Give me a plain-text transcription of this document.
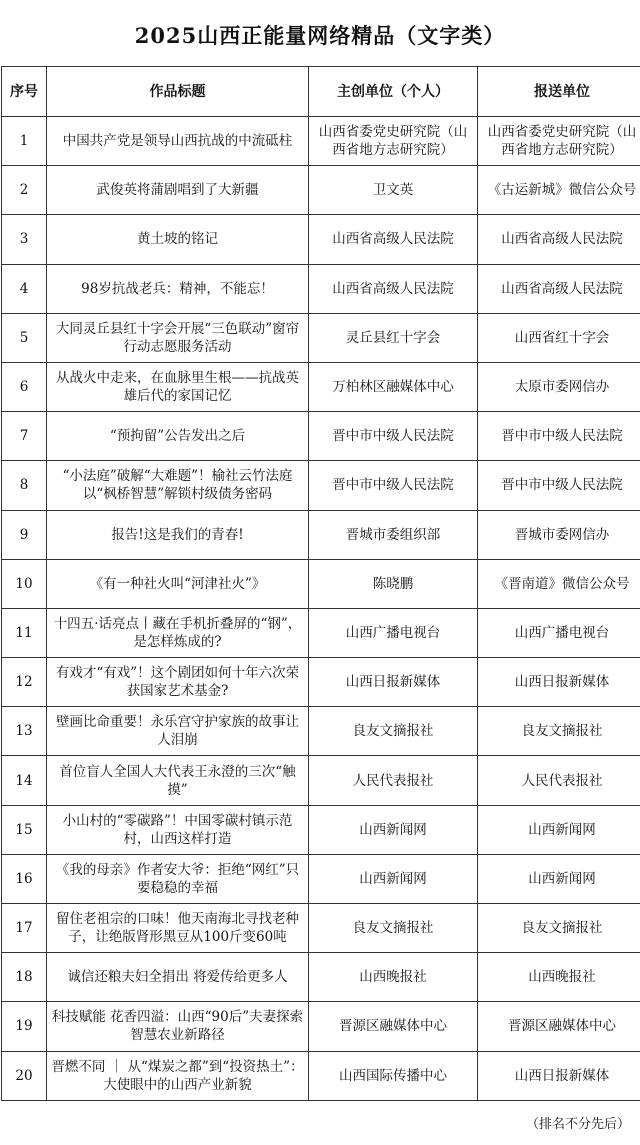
2025山西正能量网络精品（文字类）
序号	作品标题	主创单位（个人）	报送单位
1	中国共产党是领导山西抗战的中流砥柱	山西省委党史研究院（山西省地方志研究院）	山西省委党史研究院（山西省地方志研究院）
2	武俊英将蒲剧唱到了大新疆	卫文英	《古运新城》微信公众号
3	黄土坡的铭记	山西省高级人民法院	山西省高级人民法院
4	98岁抗战老兵：精神，不能忘！	山西省高级人民法院	山西省高级人民法院
5	大同灵丘县红十字会开展“三色联动”窗帘行动志愿服务活动	灵丘县红十字会	山西省红十字会
6	从战火中走来，在血脉里生根——抗战英雄后代的家国记忆	万柏林区融媒体中心	太原市委网信办
7	“预拘留”公告发出之后	晋中市中级人民法院	晋中市中级人民法院
8	“小法庭”破解“大难题”！榆社云竹法庭以“枫桥智慧”解锁村级债务密码	晋中市中级人民法院	晋中市中级人民法院
9	报告!这是我们的青春!	晋城市委组织部	晋城市委网信办
10	《有一种社火叫“河津社火”》	陈晓鹏	《晋南道》微信公众号
11	十四五·话亮点丨藏在手机折叠屏的“钢”，是怎样炼成的?	山西广播电视台	山西广播电视台
12	有戏才“有戏”！这个剧团如何十年六次荣获国家艺术基金?	山西日报新媒体	山西日报新媒体
13	壁画比命重要！永乐宫守护家族的故事让人泪崩	良友文摘报社	良友文摘报社
14	首位盲人全国人大代表王永澄的三次“触摸”	人民代表报社	人民代表报社
15	小山村的“零碳路”！中国零碳村镇示范村，山西这样打造	山西新闻网	山西新闻网
16	《我的母亲》作者安大爷：拒绝“网红”只要稳稳的幸福	山西新闻网	山西新闻网
17	留住老祖宗的口味！他天南海北寻找老种子，让绝版肾形黑豆从100斤变60吨	良友文摘报社	良友文摘报社
18	诚信还粮夫妇全捐出 将爱传给更多人	山西晚报社	山西晚报社
19	科技赋能 花香四溢：山西“90后”夫妻探索智慧农业新路径	晋源区融媒体中心	晋源区融媒体中心
20	晋燃不同 ｜ 从“煤炭之都”到“投资热土”：大使眼中的山西产业新貌	山西国际传播中心	山西日报新媒体
（排名不分先后）
